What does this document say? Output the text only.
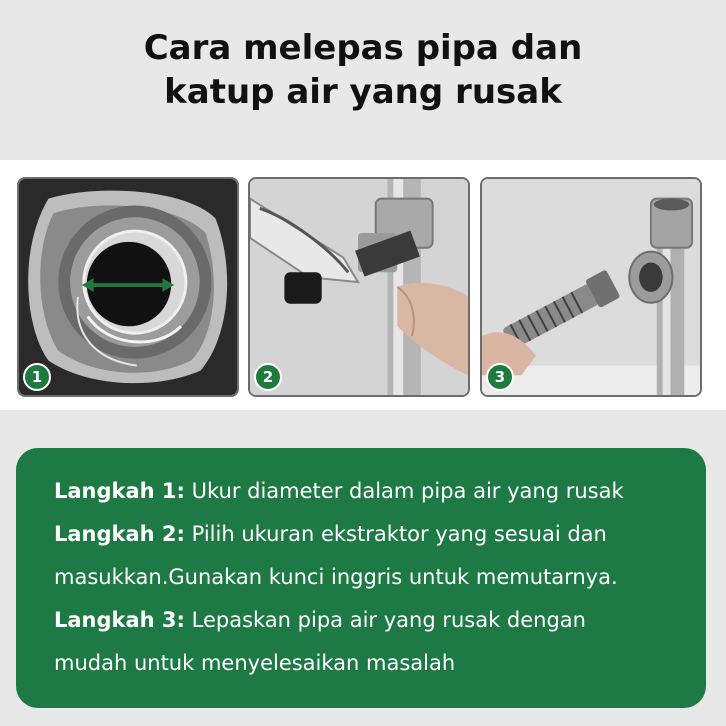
Cara melepas pipa dan
katup air yang rusak
1	2	3
Langkah 1: Ukur diameter dalam pipa air yang rusak
Langkah 2: Pilih ukuran ekstraktor yang sesuai dan
masukkan.Gunakan kunci inggris untuk memutarnya.
Langkah 3: Lepaskan pipa air yang rusak dengan
mudah untuk menyelesaikan masalah
